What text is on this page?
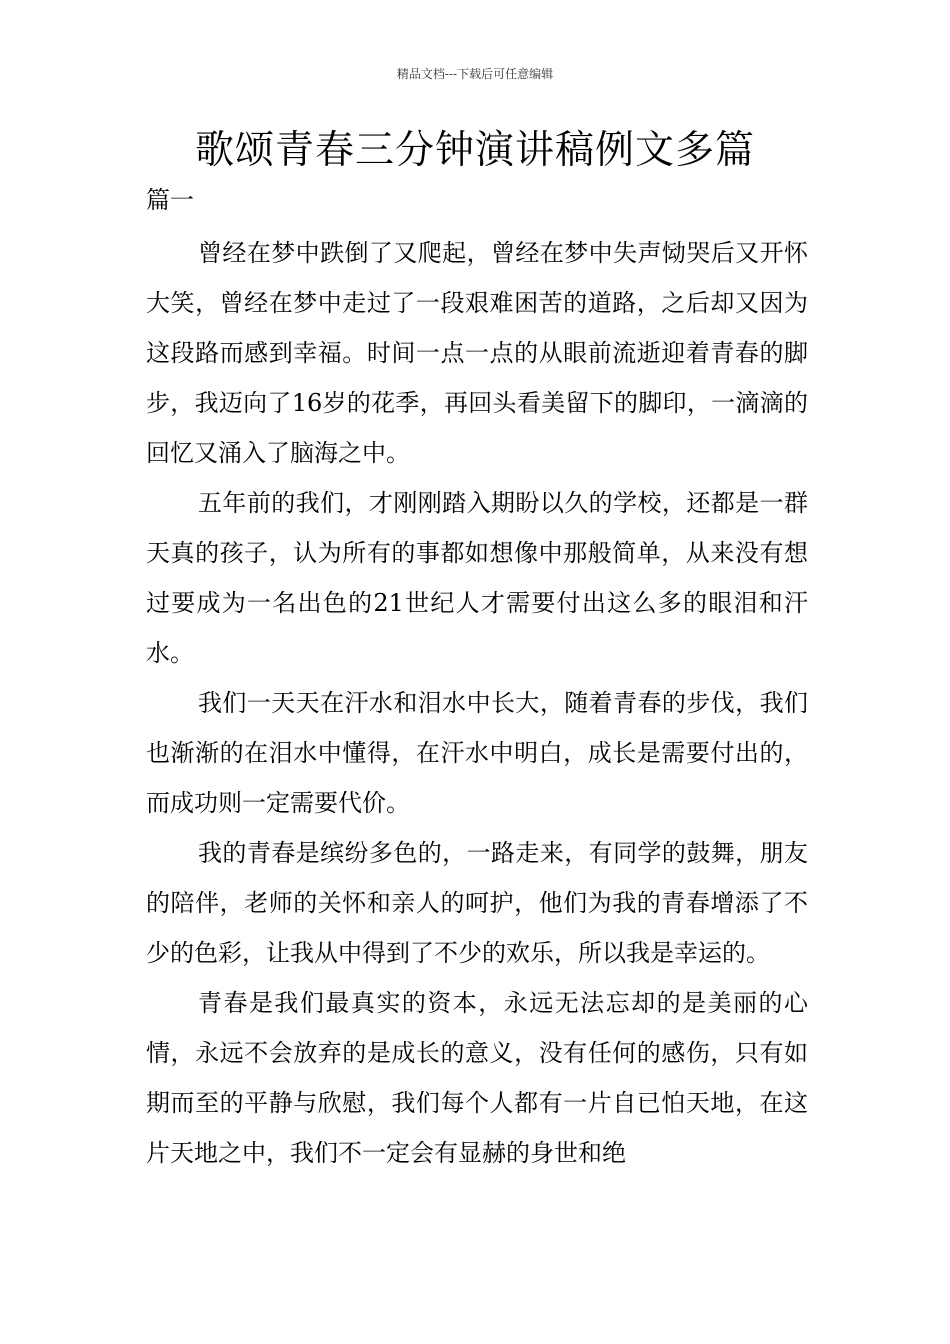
精品文档---下载后可任意编辑
歌颂青春三分钟演讲稿例文多篇
篇一

曾经在梦中跌倒了又爬起，曾经在梦中失声恸哭后又开怀大笑，曾经在梦中走过了一段艰难困苦的道路，之后却又因为这段路而感到幸福。时间一点一点的从眼前流逝迎着青春的脚步，我迈向了16岁的花季，再回头看美留下的脚印，一滴滴的回忆又涌入了脑海之中。

五年前的我们，才刚刚踏入期盼以久的学校，还都是一群天真的孩子，认为所有的事都如想像中那般简单，从来没有想过要成为一名出色的21世纪人才需要付出这么多的眼泪和汗水。

我们一天天在汗水和泪水中长大，随着青春的步伐，我们也渐渐的在泪水中懂得，在汗水中明白，成长是需要付出的，而成功则一定需要代价。

我的青春是缤纷多色的，一路走来，有同学的鼓舞，朋友的陪伴，老师的关怀和亲人的呵护，他们为我的青春增添了不少的色彩，让我从中得到了不少的欢乐，所以我是幸运的。

青春是我们最真实的资本，永远无法忘却的是美丽的心情，永远不会放弃的是成长的意义，没有任何的感伤，只有如期而至的平静与欣慰，我们每个人都有一片自已怕天地，在这片天地之中，我们不一定会有显赫的身世和绝
